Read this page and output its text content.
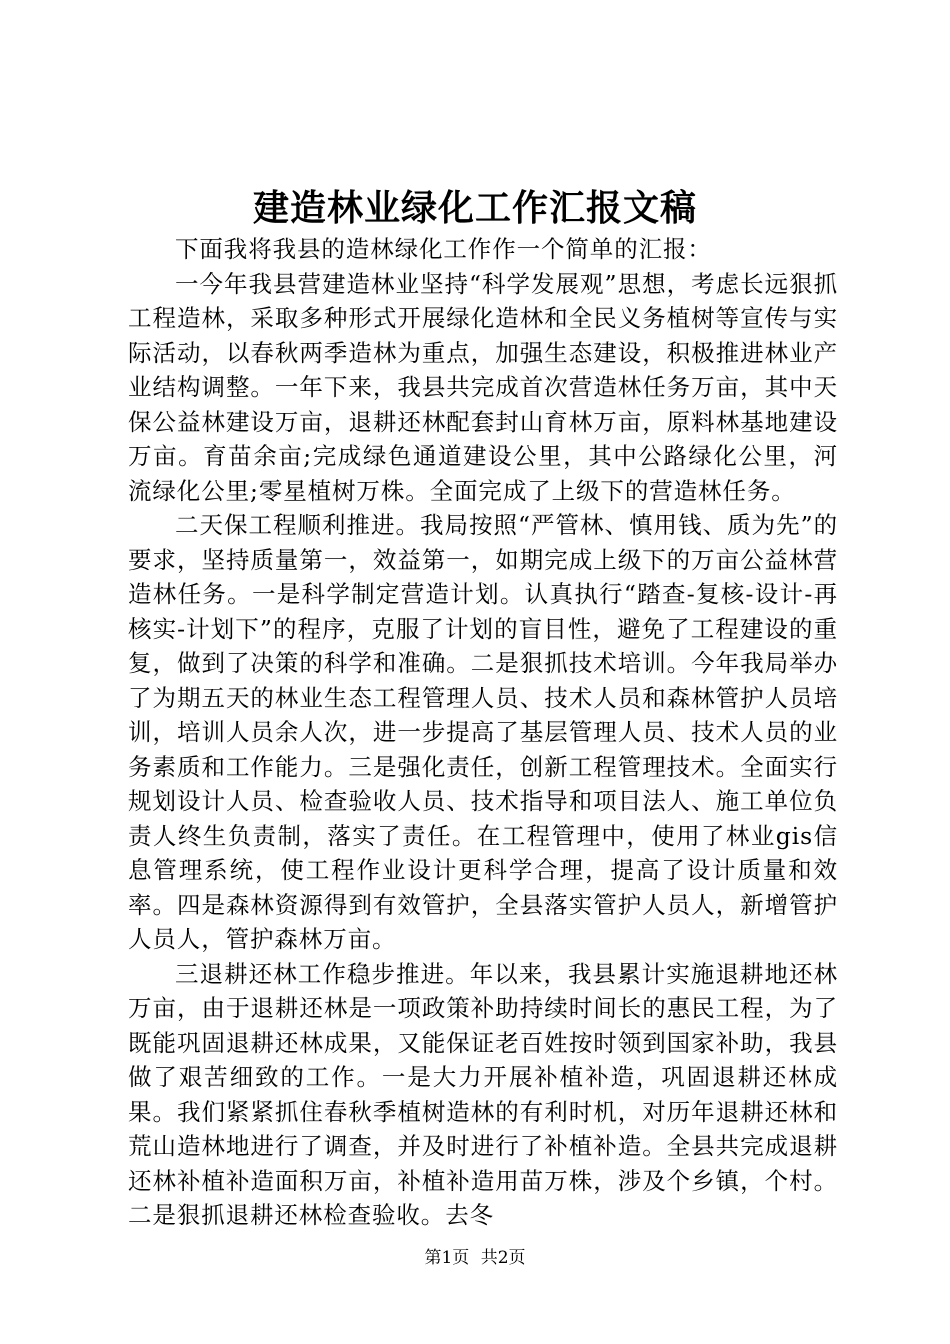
建造林业绿化工作汇报文稿

下面我将我县的造林绿化工作作一个简单的汇报：

一今年我县营建造林业坚持“科学发展观”思想，考虑长远狠抓工程造林，采取多种形式开展绿化造林和全民义务植树等宣传与实际活动，以春秋两季造林为重点，加强生态建设，积极推进林业产业结构调整。一年下来，我县共完成首次营造林任务万亩，其中天保公益林建设万亩，退耕还林配套封山育林万亩，原料林基地建设万亩。育苗余亩;完成绿色通道建设公里，其中公路绿化公里，河流绿化公里;零星植树万株。全面完成了上级下的营造林任务。

二天保工程顺利推进。我局按照“严管林、慎用钱、质为先”的要求，坚持质量第一，效益第一，如期完成上级下的万亩公益林营造林任务。一是科学制定营造计划。认真执行“踏查-复核-设计-再核实-计划下”的程序，克服了计划的盲目性，避免了工程建设的重复，做到了决策的科学和准确。二是狠抓技术培训。今年我局举办了为期五天的林业生态工程管理人员、技术人员和森林管护人员培训，培训人员余人次，进一步提高了基层管理人员、技术人员的业务素质和工作能力。三是强化责任，创新工程管理技术。全面实行规划设计人员、检查验收人员、技术指导和项目法人、施工单位负责人终生负责制，落实了责任。在工程管理中，使用了林业gis信息管理系统，使工程作业设计更科学合理，提高了设计质量和效率。四是森林资源得到有效管护，全县落实管护人员人，新增管护人员人，管护森林万亩。

三退耕还林工作稳步推进。年以来，我县累计实施退耕地还林万亩，由于退耕还林是一项政策补助持续时间长的惠民工程，为了既能巩固退耕还林成果，又能保证老百姓按时领到国家补助，我县做了艰苦细致的工作。一是大力开展补植补造，巩固退耕还林成果。我们紧紧抓住春秋季植树造林的有利时机，对历年退耕还林和荒山造林地进行了调查，并及时进行了补植补造。全县共完成退耕还林补植补造面积万亩，补植补造用苗万株，涉及个乡镇，个村。二是狠抓退耕还林检查验收。去冬

第1页 共2页
